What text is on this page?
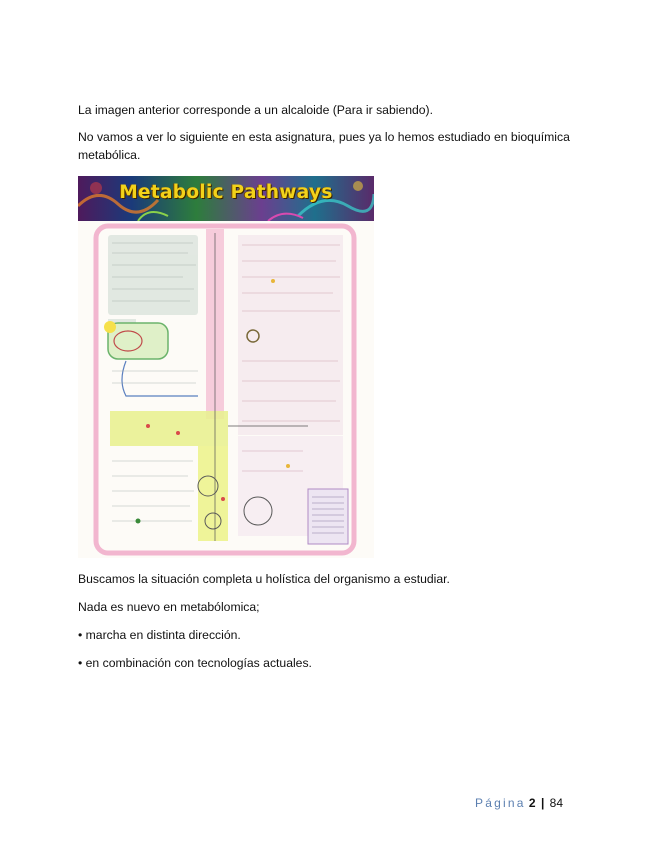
La imagen anterior corresponde a un alcaloide (Para ir sabiendo).

No vamos a ver lo siguiente en esta asignatura, pues ya lo hemos estudiado en bioquímica metabólica.

Metabolic Pathways

Buscamos la situación completa u holística del organismo a estudiar.

Nada es nuevo en metabólomica;

• marcha en distinta dirección.

• en combinación con tecnologías actuales.

Página 2 | 84
